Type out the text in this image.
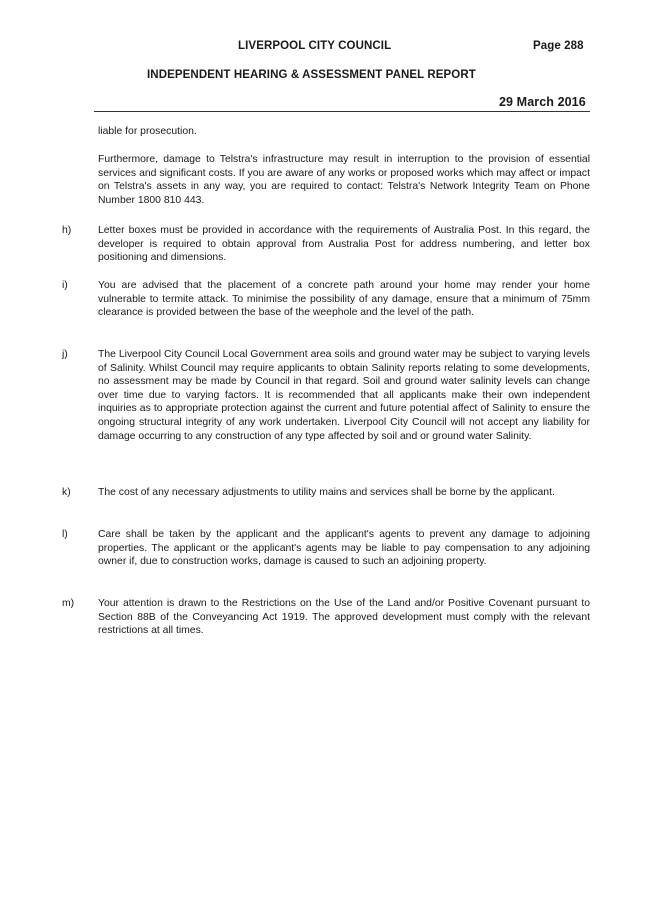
LIVERPOOL CITY COUNCIL	Page 288
INDEPENDENT HEARING & ASSESSMENT PANEL REPORT
29 March 2016
liable for prosecution.
Furthermore, damage to Telstra's infrastructure may result in interruption to the provision of essential services and significant costs. If you are aware of any works or proposed works which may affect or impact on Telstra's assets in any way, you are required to contact: Telstra's Network Integrity Team on Phone Number 1800 810 443.
h)	Letter boxes must be provided in accordance with the requirements of Australia Post. In this regard, the developer is required to obtain approval from Australia Post for address numbering, and letter box positioning and dimensions.
i)	You are advised that the placement of a concrete path around your home may render your home vulnerable to termite attack. To minimise the possibility of any damage, ensure that a minimum of 75mm clearance is provided between the base of the weephole and the level of the path.
j)	The Liverpool City Council Local Government area soils and ground water may be subject to varying levels of Salinity. Whilst Council may require applicants to obtain Salinity reports relating to some developments, no assessment may be made by Council in that regard. Soil and ground water salinity levels can change over time due to varying factors. It is recommended that all applicants make their own independent inquiries as to appropriate protection against the current and future potential affect of Salinity to ensure the ongoing structural integrity of any work undertaken. Liverpool City Council will not accept any liability for damage occurring to any construction of any type affected by soil and or ground water Salinity.
k)	The cost of any necessary adjustments to utility mains and services shall be borne by the applicant.
l)	Care shall be taken by the applicant and the applicant's agents to prevent any damage to adjoining properties. The applicant or the applicant's agents may be liable to pay compensation to any adjoining owner if, due to construction works, damage is caused to such an adjoining property.
m)	Your attention is drawn to the Restrictions on the Use of the Land and/or Positive Covenant pursuant to Section 88B of the Conveyancing Act 1919. The approved development must comply with the relevant restrictions at all times.
